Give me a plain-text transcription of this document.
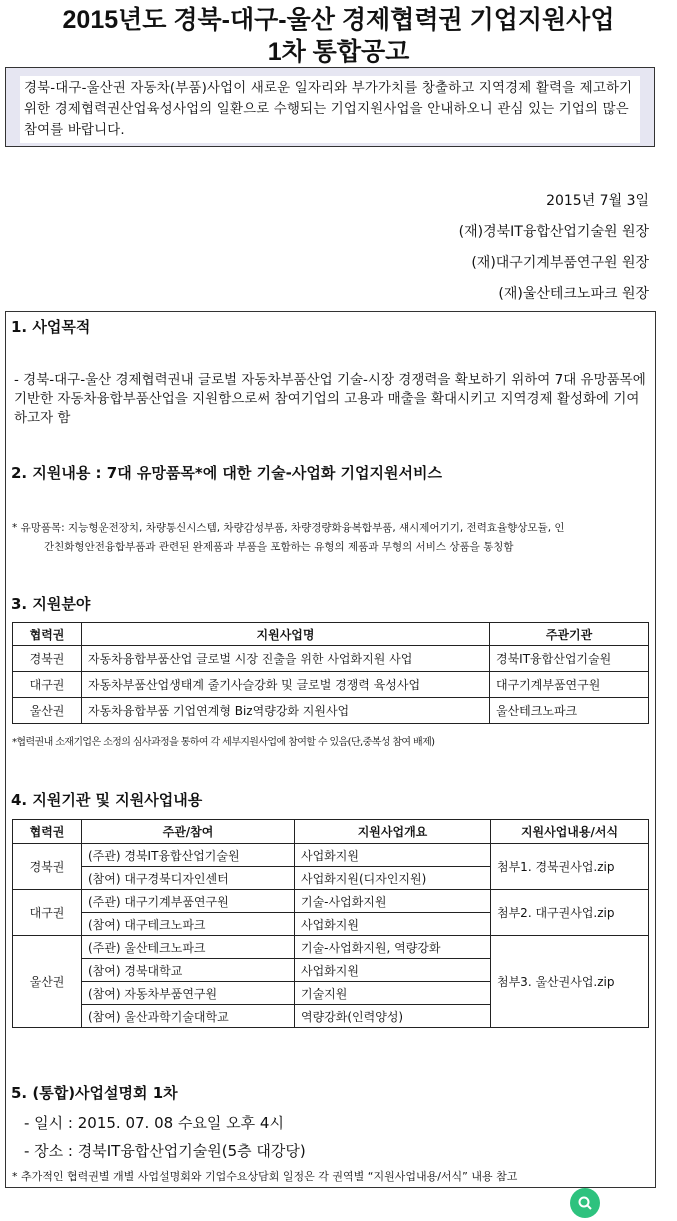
2015년도 경북-대구-울산 경제협력권 기업지원사업
1차 통합공고
경북-대구-울산권 자동차(부품)사업이 새로운 일자리와 부가가치를 창출하고 지역경제 활력을 제고하기 위한 경제협력권산업육성사업의 일환으로 수행되는 기업지원사업을 안내하오니 관심 있는 기업의 많은 참여를 바랍니다.
2015년 7월 3일
(재)경북IT융합산업기술원 원장
(재)대구기계부품연구원 원장
(재)울산테크노파크 원장
1. 사업목적
- 경북-대구-울산 경제협력권내 글로벌 자동차부품산업 기술-시장 경쟁력을 확보하기 위하여 7대 유망품목에 기반한 자동차융합부품산업을 지원함으로써 참여기업의 고용과 매출을 확대시키고 지역경제 활성화에 기여하고자 함
2. 지원내용 : 7대 유망품목*에 대한 기술-사업화 기업지원서비스
* 유망품목: 지능형운전장치, 차량통신시스템, 차량감성부품, 차량경량화융복합부품, 섀시제어기기, 전력효율향상모듈, 인
간친화형안전융합부품과 관련된 완제품과 부품을 포함하는 유형의 제품과 무형의 서비스 상품을 통칭함
3. 지원분야
협력권	지원사업명	주관기관
경북권	자동차융합부품산업 글로벌 시장 진출을 위한 사업화지원 사업	경북IT융합산업기술원
대구권	자동차부품산업생태계 줄기사슬강화 및 글로벌 경쟁력 육성사업	대구기계부품연구원
울산권	자동차융합부품 기업연계형 Biz역량강화 지원사업	울산테크노파크
*협력권내 소재기업은 소정의 심사과정을 통하여 각 세부지원사업에 참여할 수 있음(단,중복성 참여 배제)
4. 지원기관 및 지원사업내용
협력권	주관/참여	지원사업개요	지원사업내용/서식
경북권	(주관) 경북IT융합산업기술원	사업화지원	첨부1. 경북권사업.zip
	(참여) 대구경북디자인센터	사업화지원(디자인지원)	
대구권	(주관) 대구기계부품연구원	기술-사업화지원	첨부2. 대구권사업.zip
	(참여) 대구테크노파크	사업화지원	
울산권	(주관) 울산테크노파크	기술-사업화지원, 역량강화	첨부3. 울산권사업.zip
	(참여) 경북대학교	사업화지원	
	(참여) 자동차부품연구원	기술지원	
	(참여) 울산과학기술대학교	역량강화(인력양성)	
5. (통합)사업설명회 1차
- 일시 : 2015. 07. 08 수요일 오후 4시
- 장소 : 경북IT융합산업기술원(5층 대강당)
* 추가적인 협력권별 개별 사업설명회와 기업수요상담회 일정은 각 권역별 “지원사업내용/서식” 내용 참고
